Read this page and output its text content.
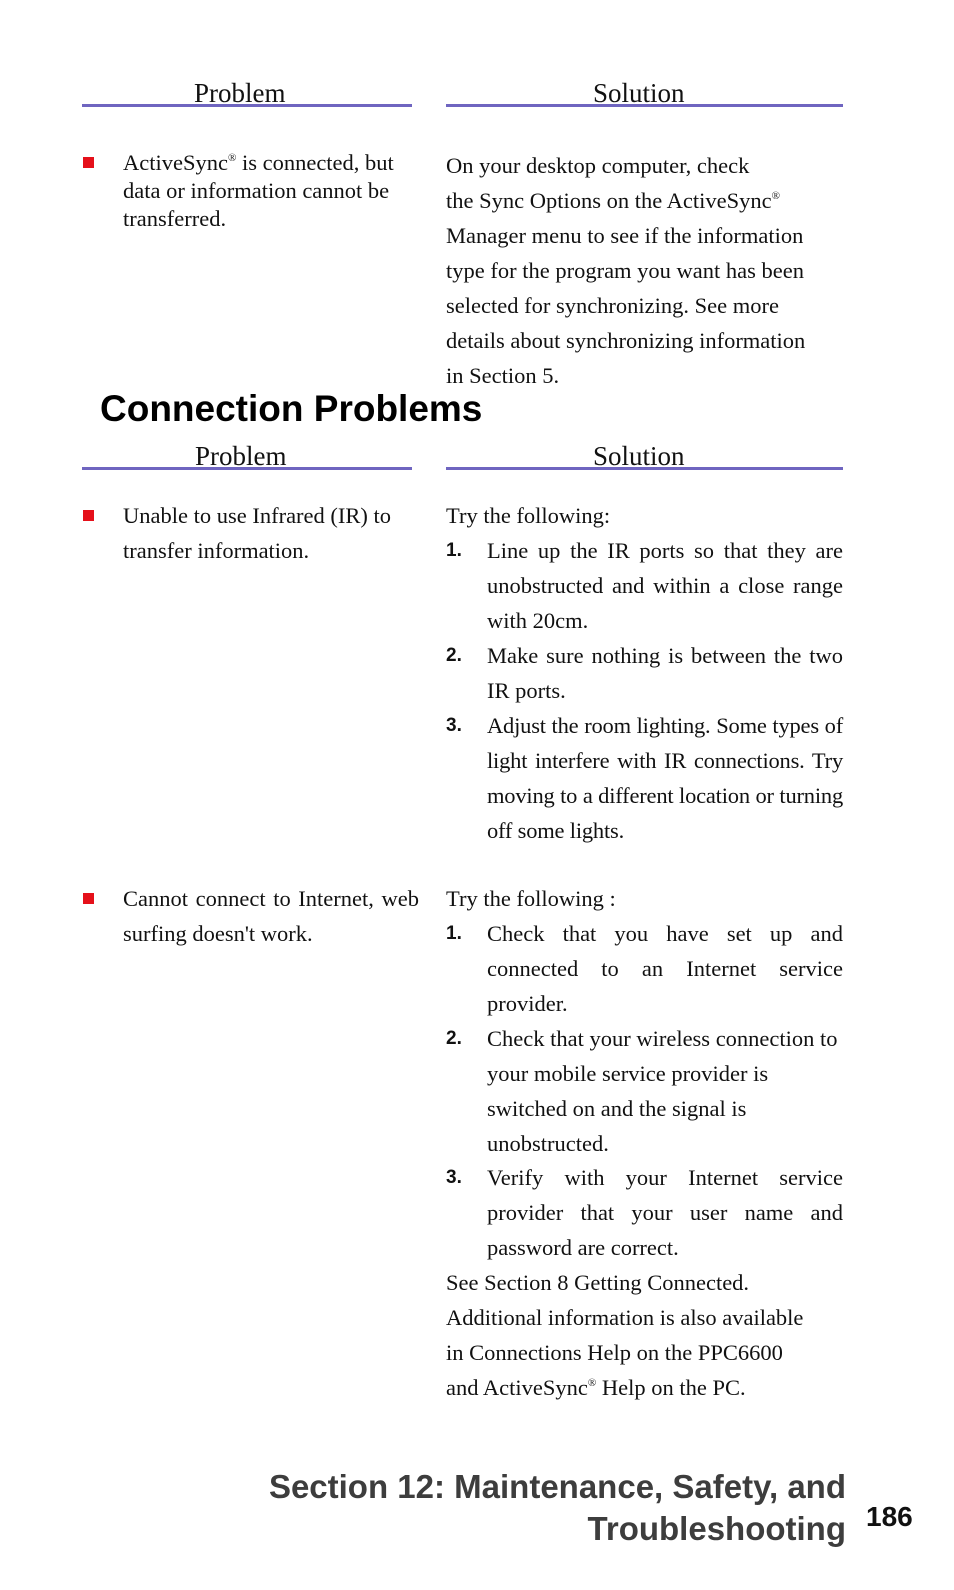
Problem	Solution
ActiveSync® is connected, but
data or information cannot be
transferred.
On your desktop computer, check
the Sync Options on the ActiveSync®
Manager menu to see if the information
type for the program you want has been
selected for synchronizing. See more
details about synchronizing information
in Section 5.
Connection Problems
Problem	Solution
Unable to use Infrared (IR) to transfer information.
Try the following:
1. Line up the IR ports so that they are unobstructed and within a close range with 20cm.
2. Make sure nothing is between the two IR ports.
3. Adjust the room lighting. Some types of light interfere with IR connections. Try moving to a different location or turning off some lights.
Cannot connect to Internet, web surfing doesn't work.
Try the following :
1. Check that you have set up and connected to an Internet service provider.
2. Check that your wireless connection to your mobile service provider is switched on and the signal is unobstructed.
3. Verify with your Internet service provider that your user name and password are correct.
See Section 8 Getting Connected.
Additional information is also available
in Connections Help on the PPC6600
and ActiveSync® Help on the PC.
Section 12: Maintenance, Safety, and
Troubleshooting 186
